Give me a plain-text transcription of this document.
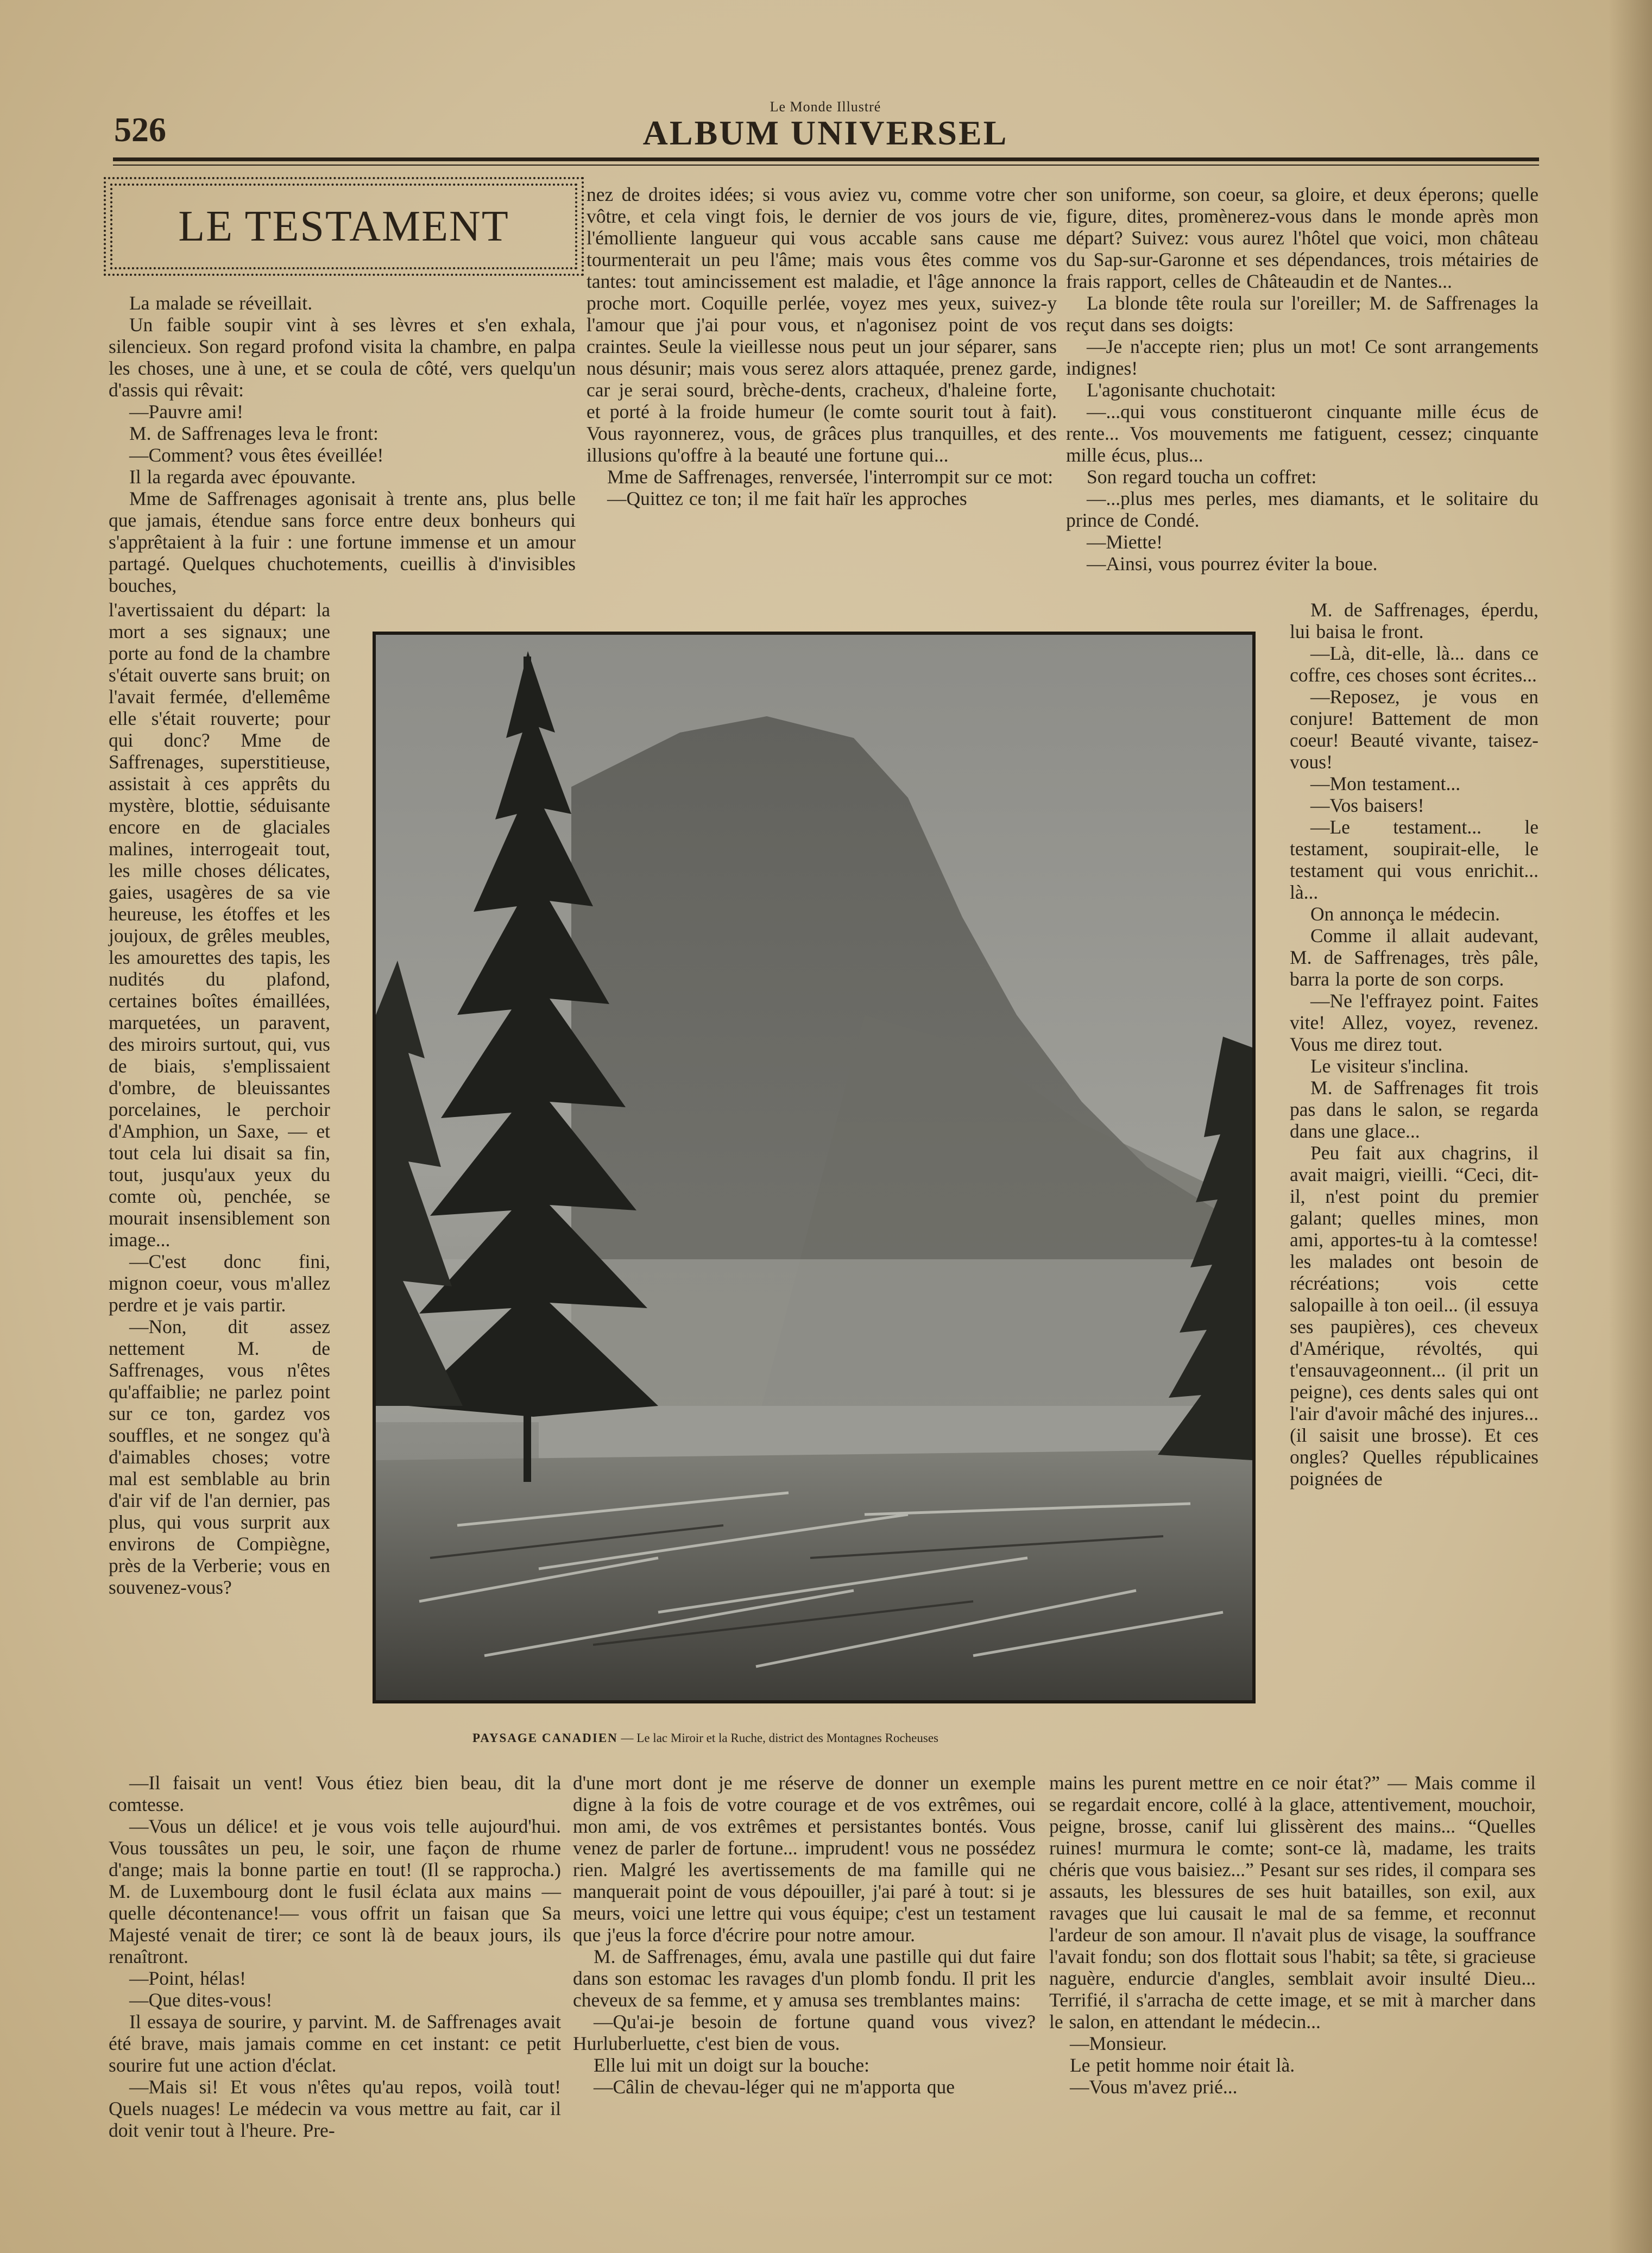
Le Monde Illustré
526	ALBUM UNIVERSEL
LE TESTAMENT

La malade se réveillait.

Un faible soupir vint à ses lèvres et s'en exhala, silencieux. Son regard profond visita la chambre, en palpa les choses, une à une, et se coula de côté, vers quelqu'un d'assis qui rêvait:

—Pauvre ami!

M. de Saffrenages leva le front:

—Comment? vous êtes éveillée!

Il la regarda avec épouvante.

Mme de Saffrenages agonisait à trente ans, plus belle que jamais, étendue sans force entre deux bonheurs qui s'apprêtaient à la fuir : une fortune immense et un amour partagé. Quelques chuchotements, cueillis à d'invisibles bouches,

l'avertissaient du départ: la mort a ses signaux; une porte au fond de la chambre s'était ouverte sans bruit; on l'avait fermée, d'ellemême elle s'était rouverte; pour qui donc? Mme de Saffrenages, superstitieuse, assistait à ces apprêts du mystère, blottie, séduisante encore en de glaciales malines, interrogeait tout, les mille choses délicates, gaies, usagères de sa vie heureuse, les étoffes et les joujoux, de grêles meubles, les amourettes des tapis, les nudités du plafond, certaines boîtes émaillées, marquetées, un paravent, des miroirs surtout, qui, vus de biais, s'emplissaient d'ombre, de bleuissantes porcelaines, le perchoir d'Amphion, un Saxe, — et tout cela lui disait sa fin, tout, jusqu'aux yeux du comte où, penchée, se mourait insensiblement son image...

—C'est donc fini, mignon coeur, vous m'allez perdre et je vais partir.

—Non, dit assez nettement M. de Saffrenages, vous n'êtes qu'affaiblie; ne parlez point sur ce ton, gardez vos souffles, et ne songez qu'à d'aimables choses; votre mal est semblable au brin d'air vif de l'an dernier, pas plus, qui vous surprit aux environs de Compiègne, près de la Verberie; vous en souvenez-vous?

nez de droites idées; si vous aviez vu, comme votre cher vôtre, et cela vingt fois, le dernier de vos jours de vie, l'émolliente langueur qui vous accable sans cause me tourmenterait un peu l'âme; mais vous êtes comme vos tantes: tout amincissement est maladie, et l'âge annonce la proche mort. Coquille perlée, voyez mes yeux, suivez-y l'amour que j'ai pour vous, et n'agonisez point de vos craintes. Seule la vieillesse nous peut un jour séparer, sans nous désunir; mais vous serez alors attaquée, prenez garde, car je serai sourd, brèche-dents, cracheux, d'haleine forte, et porté à la froide humeur (le comte sourit tout à fait). Vous rayonnerez, vous, de grâces plus tranquilles, et des illusions qu'offre à la beauté une fortune qui...

Mme de Saffrenages, renversée, l'interrompit sur ce mot:

—Quittez ce ton; il me fait haïr les approches

son uniforme, son coeur, sa gloire, et deux éperons; quelle figure, dites, promènerez-vous dans le monde après mon départ? Suivez: vous aurez l'hôtel que voici, mon château du Sap-sur-Garonne et ses dépendances, trois métairies de frais rapport, celles de Châteaudin et de Nantes...

La blonde tête roula sur l'oreiller; M. de Saffrenages la reçut dans ses doigts:

—Je n'accepte rien; plus un mot! Ce sont arrangements indignes!

L'agonisante chuchotait:

—...qui vous constitueront cinquante mille écus de rente... Vos mouvements me fatiguent, cessez; cinquante mille écus, plus...

Son regard toucha un coffret:

—...plus mes perles, mes diamants, et le solitaire du prince de Condé.

—Miette!

—Ainsi, vous pourrez éviter la boue.

M. de Saffrenages, éperdu, lui baisa le front.

—Là, dit-elle, là... dans ce coffre, ces choses sont écrites...

—Reposez, je vous en conjure! Battement de mon coeur! Beauté vivante, taisez-vous!

—Mon testament...

—Vos baisers!

—Le testament... le testament, soupirait-elle, le testament qui vous enrichit... là...

On annonça le médecin.

Comme il allait audevant, M. de Saffrenages, très pâle, barra la porte de son corps.

—Ne l'effrayez point. Faites vite! Allez, voyez, revenez. Vous me direz tout.

Le visiteur s'inclina.

M. de Saffrenages fit trois pas dans le salon, se regarda dans une glace...

Peu fait aux chagrins, il avait maigri, vieilli. “Ceci, dit-il, n'est point du premier galant; quelles mines, mon ami, apportes-tu à la comtesse! les malades ont besoin de récréations; vois cette salopaille à ton oeil... (il essuya ses paupières), ces cheveux d'Amérique, révoltés, qui t'ensauvageonnent... (il prit un peigne), ces dents sales qui ont l'air d'avoir mâché des injures... (il saisit une brosse). Et ces ongles? Quelles républicaines poignées de

PAYSAGE CANADIEN — Le lac Miroir et la Ruche, district des Montagnes Rocheuses

—Il faisait un vent! Vous étiez bien beau, dit la comtesse.

—Vous un délice! et je vous vois telle aujourd'hui. Vous toussâtes un peu, le soir, une façon de rhume d'ange; mais la bonne partie en tout! (Il se rapprocha.) M. de Luxembourg dont le fusil éclata aux mains — quelle décontenance!— vous offrit un faisan que Sa Majesté venait de tirer; ce sont là de beaux jours, ils renaîtront.

—Point, hélas!

—Que dites-vous!

Il essaya de sourire, y parvint. M. de Saffrenages avait été brave, mais jamais comme en cet instant: ce petit sourire fut une action d'éclat.

—Mais si! Et vous n'êtes qu'au repos, voilà tout! Quels nuages! Le médecin va vous mettre au fait, car il doit venir tout à l'heure. Pre-

d'une mort dont je me réserve de donner un exemple digne à la fois de votre courage et de vos extrêmes, oui mon ami, de vos extrêmes et persistantes bontés. Vous venez de parler de fortune... imprudent! vous ne possédez rien. Malgré les avertissements de ma famille qui ne manquerait point de vous dépouiller, j'ai paré à tout: si je meurs, voici une lettre qui vous équipe; c'est un testament que j'eus la force d'écrire pour notre amour.

M. de Saffrenages, ému, avala une pastille qui dut faire dans son estomac les ravages d'un plomb fondu. Il prit les cheveux de sa femme, et y amusa ses tremblantes mains:

—Qu'ai-je besoin de fortune quand vous vivez? Hurluberluette, c'est bien de vous.

Elle lui mit un doigt sur la bouche:

—Câlin de chevau-léger qui ne m'apporta que

mains les purent mettre en ce noir état?” — Mais comme il se regardait encore, collé à la glace, attentivement, mouchoir, peigne, brosse, canif lui glissèrent des mains... “Quelles ruines! murmura le comte; sont-ce là, madame, les traits chéris que vous baisiez...” Pesant sur ses rides, il compara ses assauts, les blessures de ses huit batailles, son exil, aux ravages que lui causait le mal de sa femme, et reconnut l'ardeur de son amour. Il n'avait plus de visage, la souffrance l'avait fondu; son dos flottait sous l'habit; sa tête, si gracieuse naguère, endurcie d'angles, semblait avoir insulté Dieu... Terrifié, il s'arracha de cette image, et se mit à marcher dans le salon, en attendant le médecin...

—Monsieur.

Le petit homme noir était là.

—Vous m'avez prié...
